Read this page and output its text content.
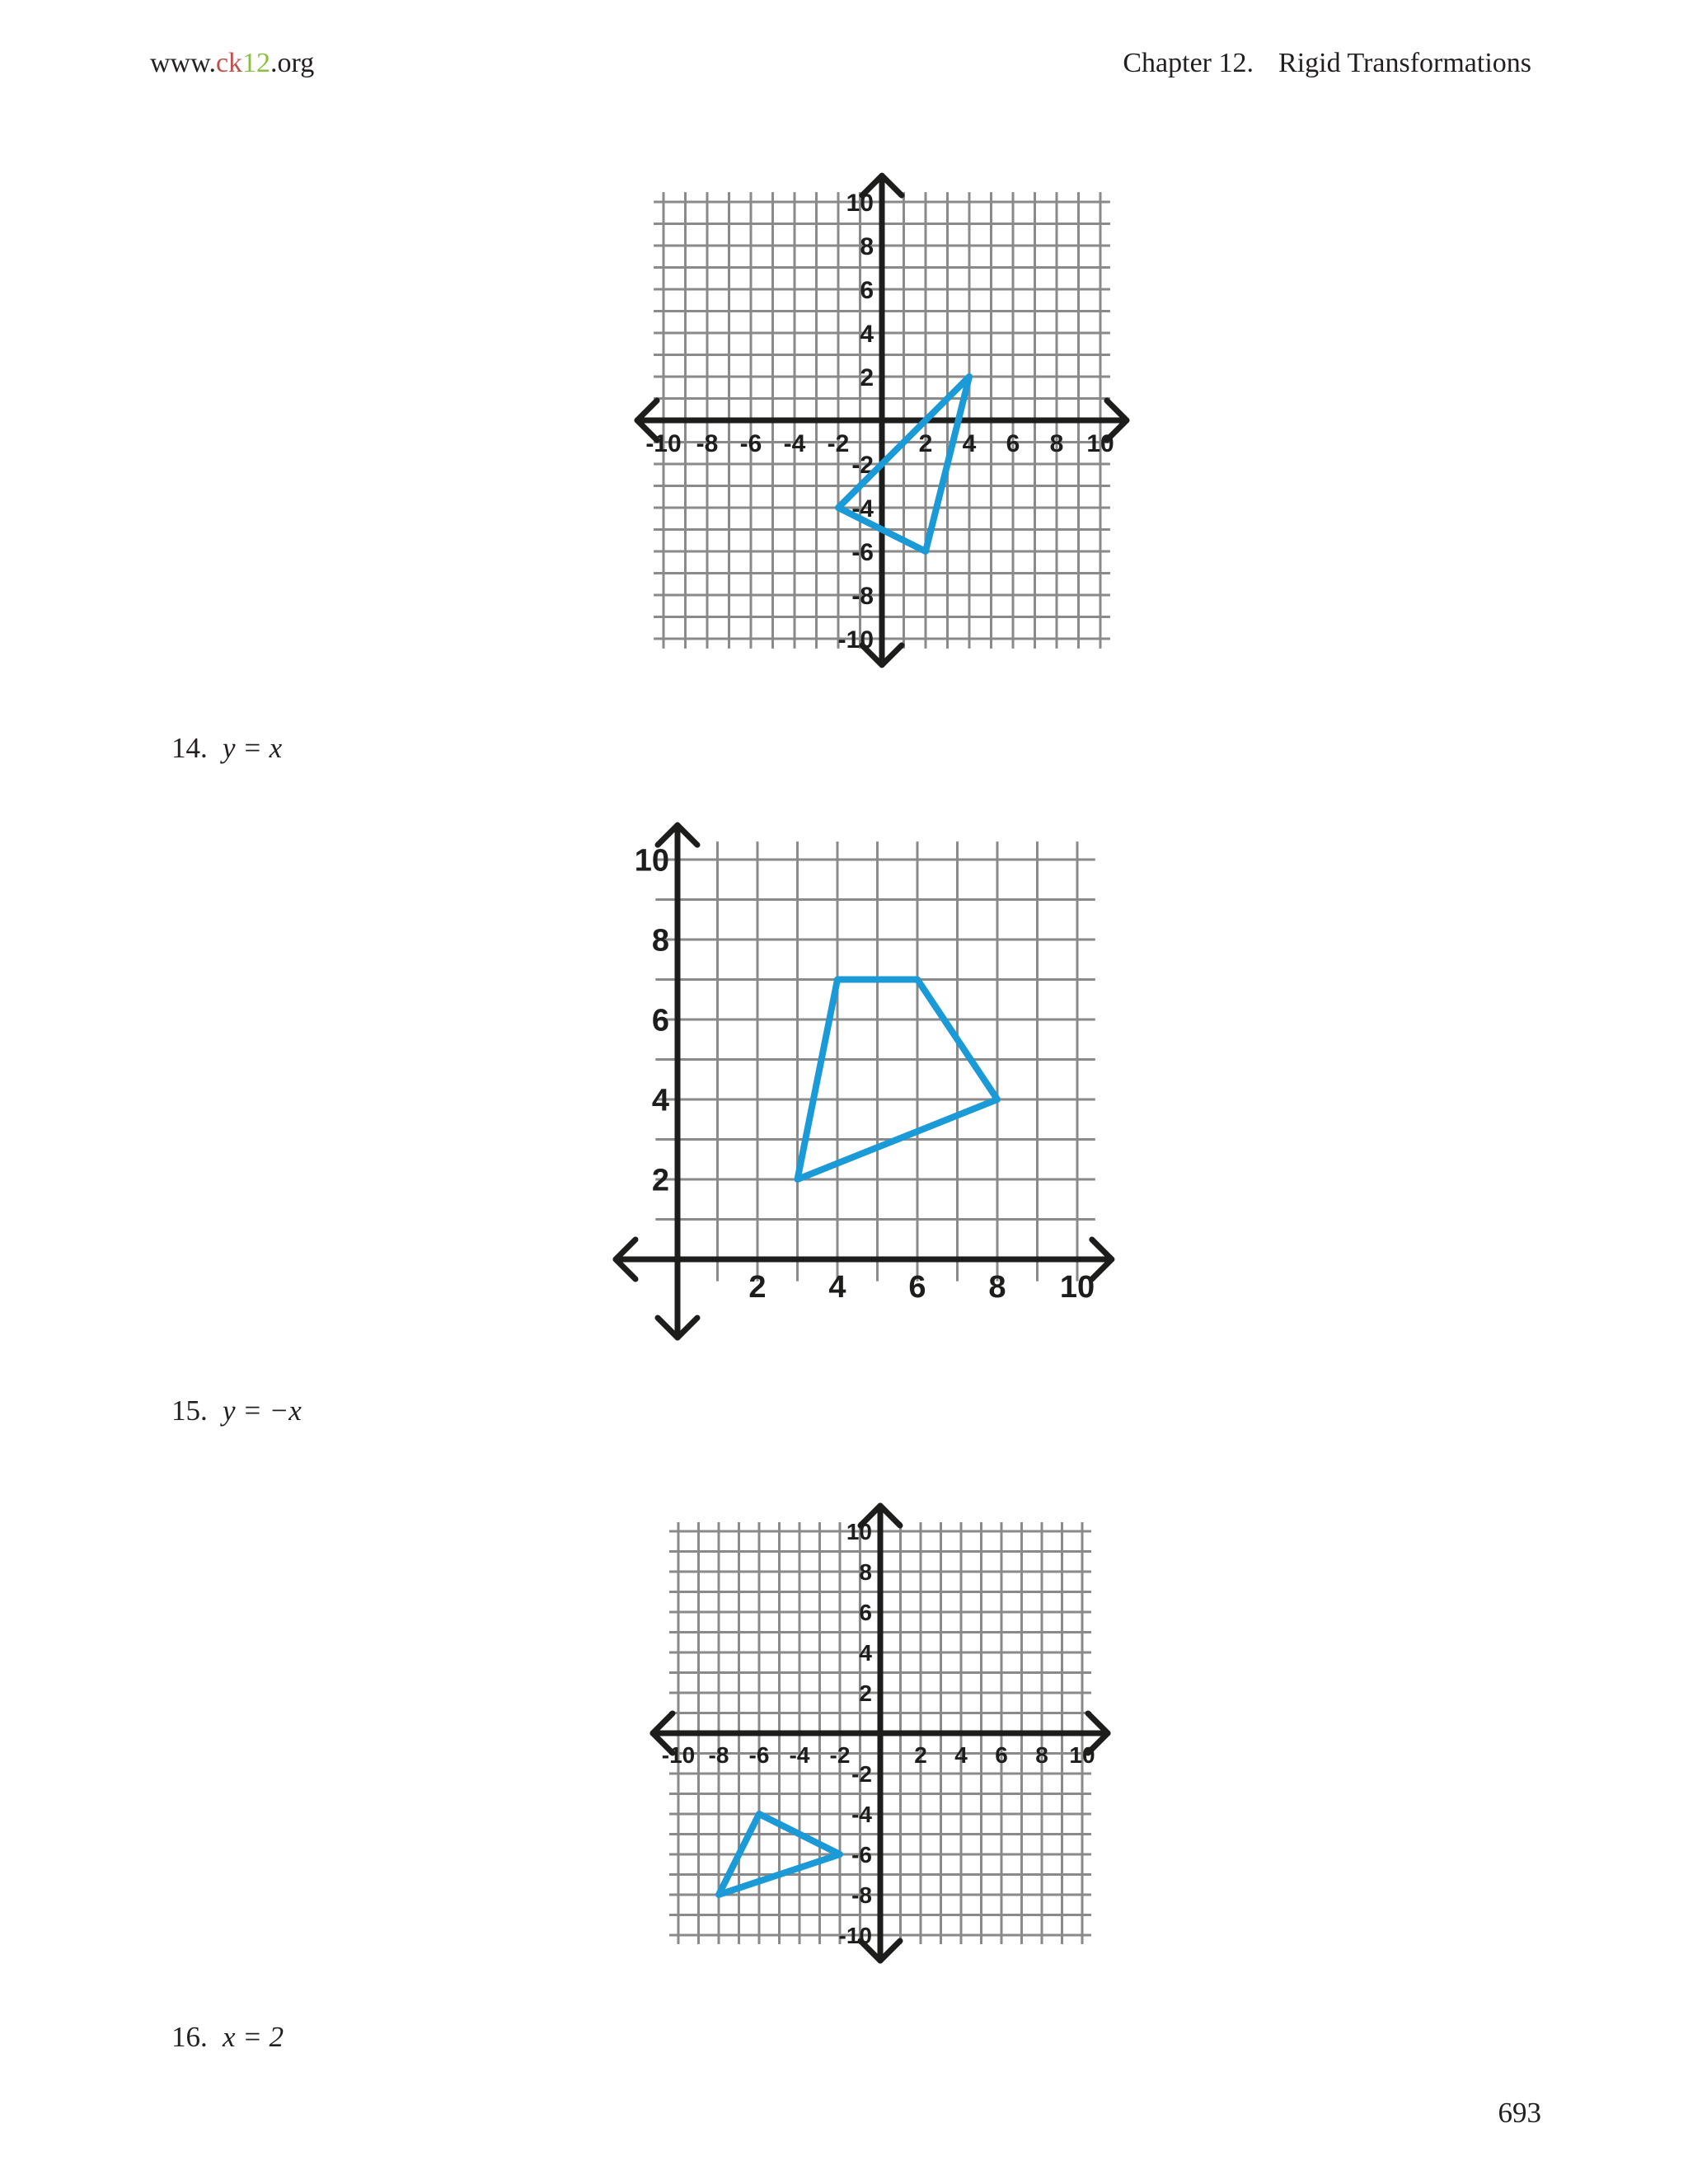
www.ck12.org	Chapter 12. Rigid Transformations
-10 -8 -6 -4 -2	2 4 6 8 10
-10
-8
-6
-4
-2
2
4
6
8
10
14. y = x
2 4 6 8 10
2
4
6
8
10
15. y = −x
-10 -8 -6 -4 -2	2 4 6 8 10
-10
-8
-6
-4
-2
2
4
6
8
10
16. x = 2
693
